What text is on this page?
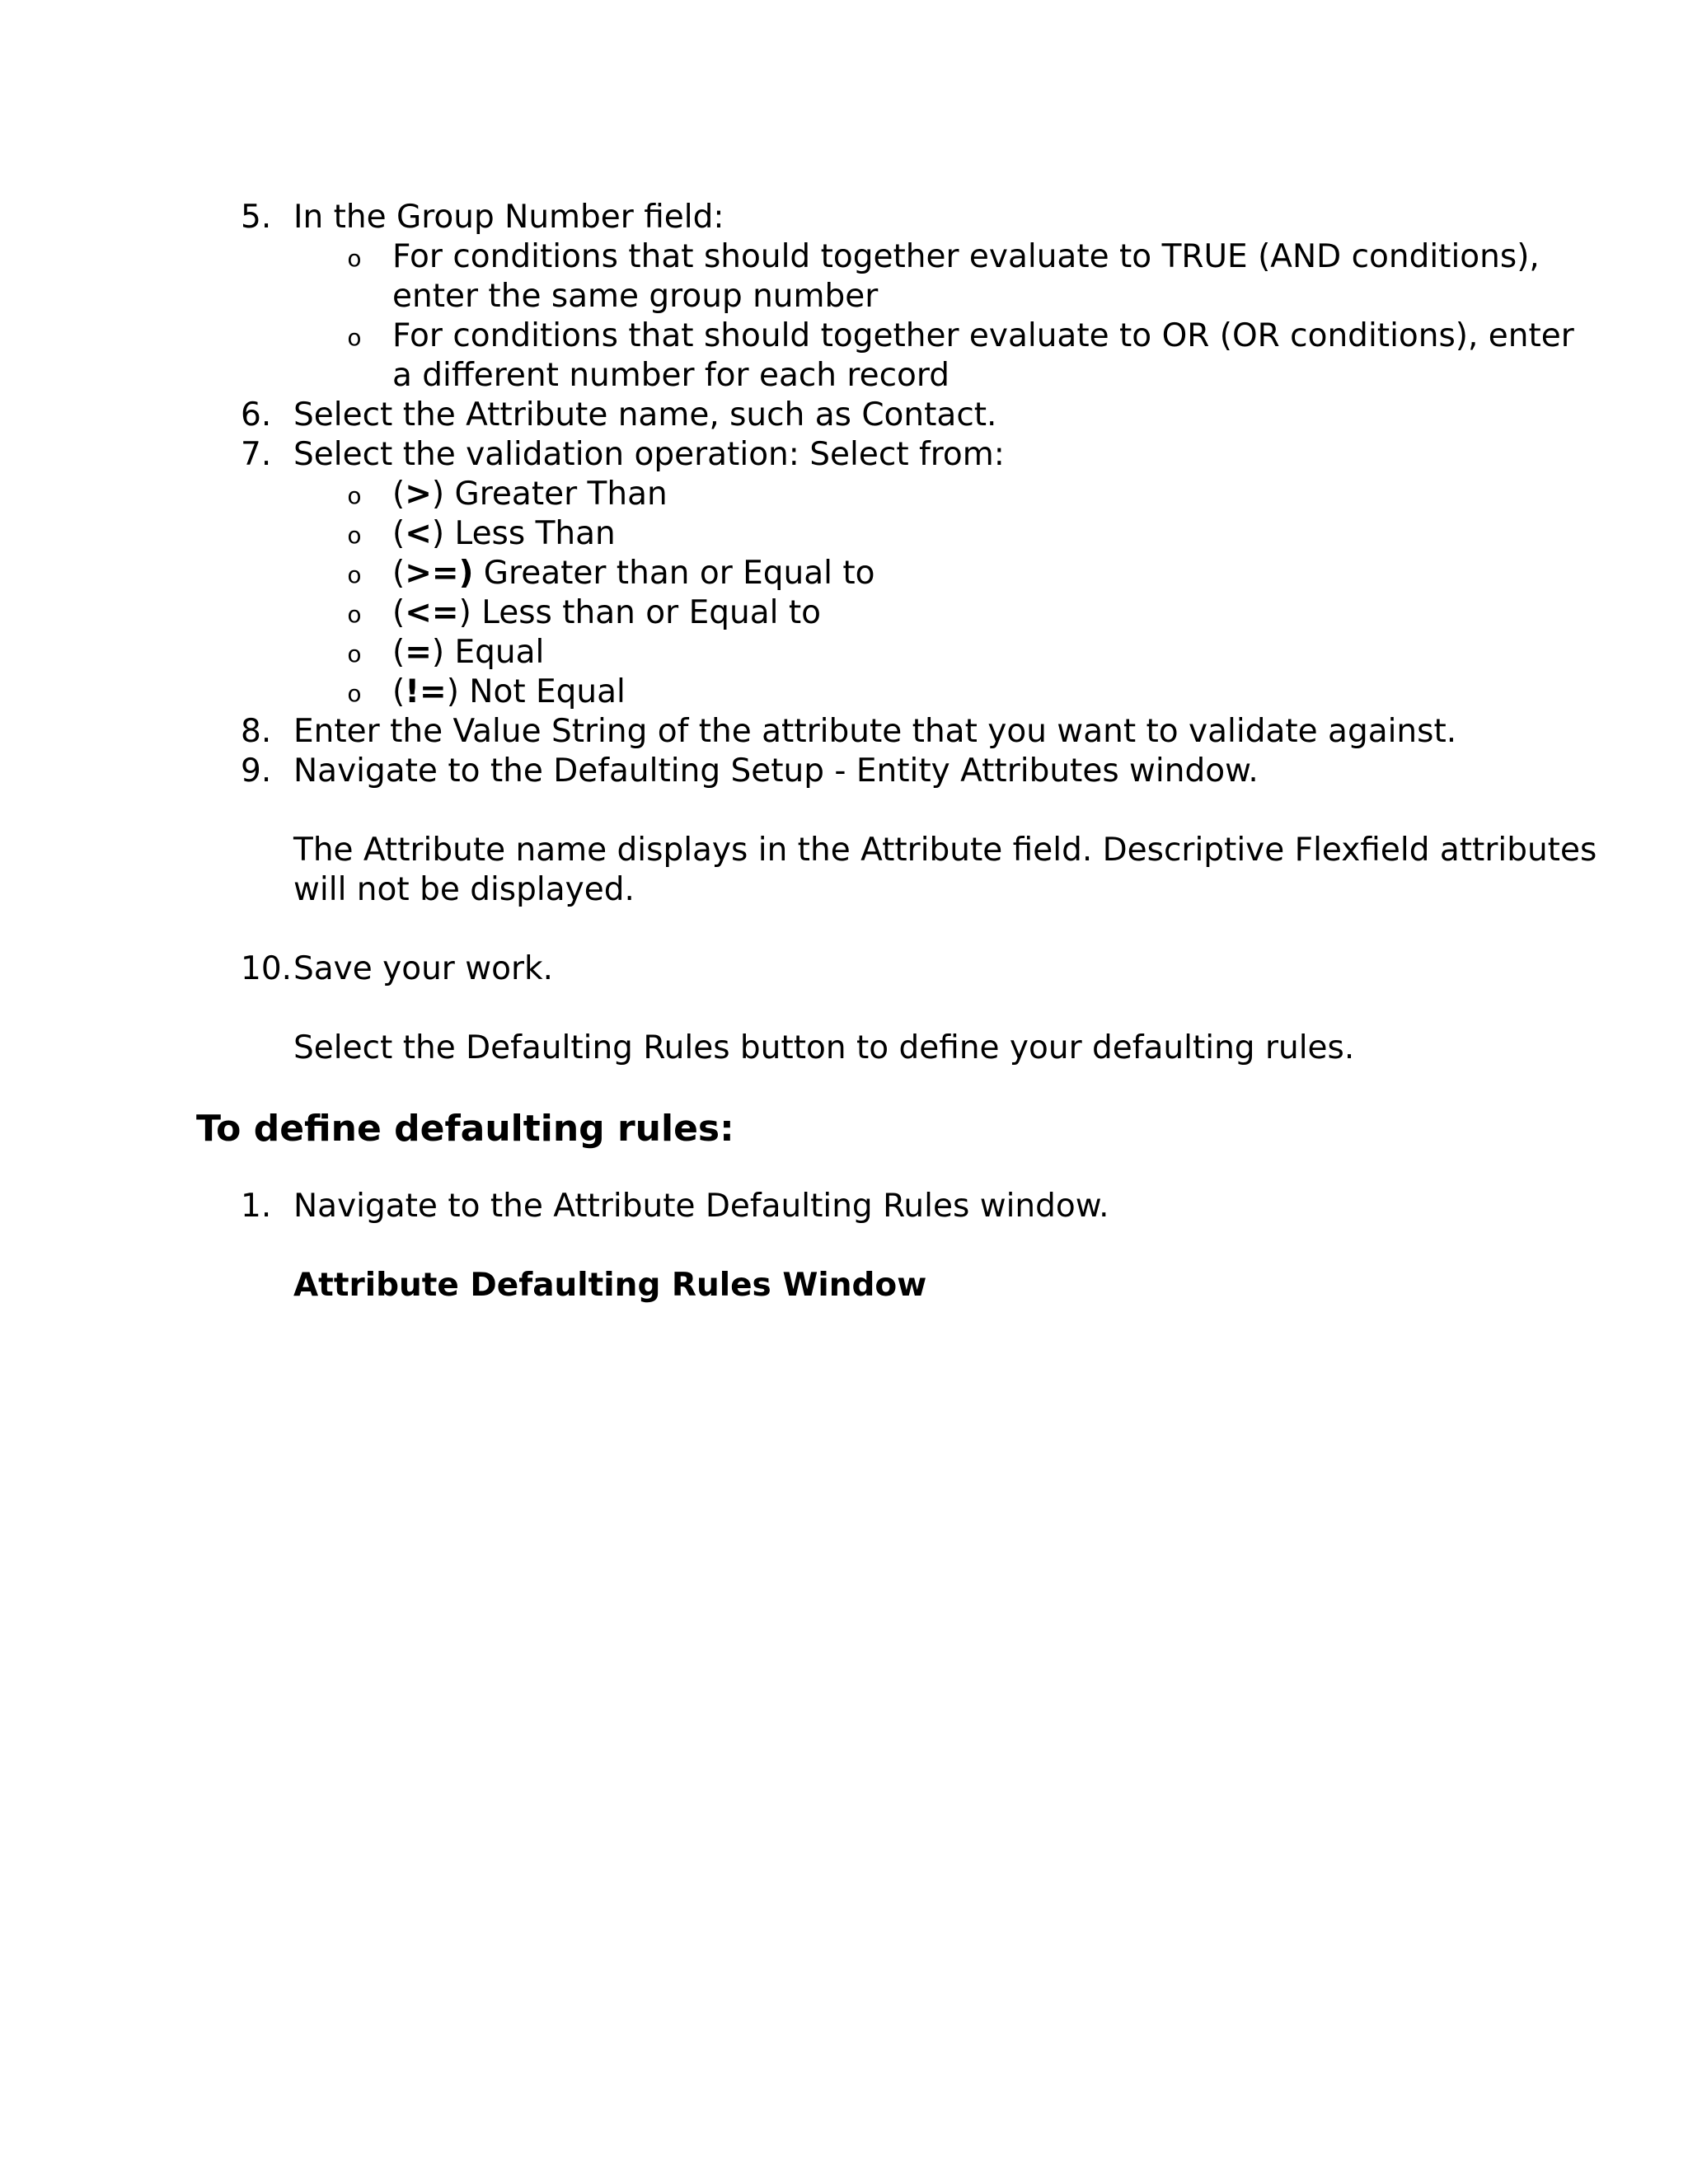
5. In the Group Number field:
o For conditions that should together evaluate to TRUE (AND conditions),
enter the same group number
o For conditions that should together evaluate to OR (OR conditions), enter
a different number for each record
6. Select the Attribute name, such as Contact.
7. Select the validation operation: Select from:
o (>) Greater Than
o (<) Less Than
o (>=) Greater than or Equal to
o (<=) Less than or Equal to
o (=) Equal
o (!=) Not Equal
8. Enter the Value String of the attribute that you want to validate against.
9. Navigate to the Defaulting Setup - Entity Attributes window.
The Attribute name displays in the Attribute field. Descriptive Flexfield attributes
will not be displayed.
10. Save your work.
Select the Defaulting Rules button to define your defaulting rules.
To define defaulting rules:
1. Navigate to the Attribute Defaulting Rules window.
Attribute Defaulting Rules Window
